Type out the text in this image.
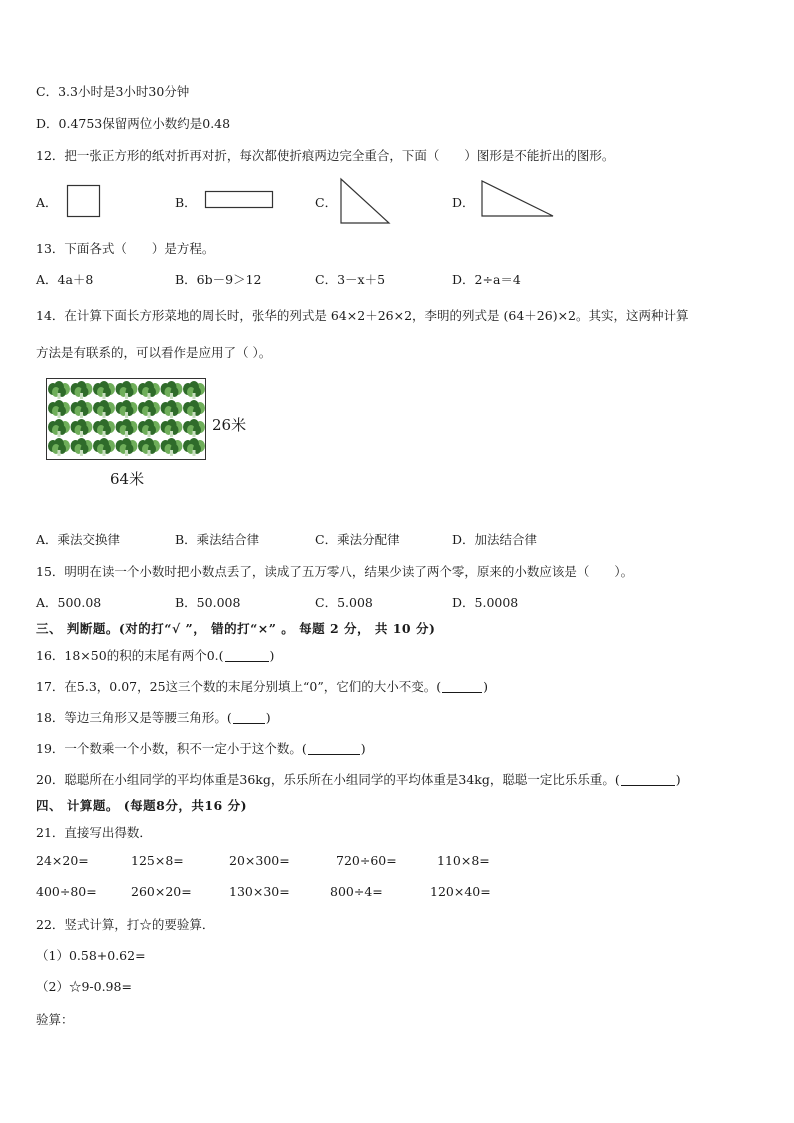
C．3.3小时是3小时30分钟
D．0.4753保留两位小数约是0.48
12．把一张正方形的纸对折再对折，每次都使折痕两边完全重合，下面（　　）图形是不能折出的图形。
A．	B．	C．	D．
13．下面各式（　　）是方程。
A．4a＋8	B．6b－9＞12	C．3－x＋5	D．2÷a＝4
14．在计算下面长方形菜地的周长时，张华的列式是 64×2＋26×2，李明的列式是 (64＋26)×2。其实，这两种计算
方法是有联系的，可以看作是应用了（ ）。
26米
64米
A．乘法交换律	B．乘法结合律	C．乘法分配律	D．加法结合律
15．明明在读一个小数时把小数点丢了，读成了五万零八，结果少读了两个零，原来的小数应该是（　　）。
A．500.08	B．50.008	C．5.008	D．5.0008
三、 判断题。(对的打“√ ”， 错的打“×” 。 每题 2 分， 共 10 分)
16．18×50的积的末尾有两个0.(	)
17．在5.3，0.07，25这三个数的末尾分别填上“0”，它们的大小不变。(	)
18．等边三角形又是等腰三角形。(	)
19．一个数乘一个小数，积不一定小于这个数。(	)
20．聪聪所在小组同学的平均体重是36kg，乐乐所在小组同学的平均体重是34kg，聪聪一定比乐乐重。(	)
四、 计算题。 (每题8分，共16 分)
21．直接写出得数．
24×20=	125×8=	20×300=	720÷60=	110×8=
400÷80=	260×20=	130×30=	800÷4=	120×40=
22．竖式计算，打☆的要验算．
（1）0.58+0.62=
（2）☆9-0.98=
验算：
